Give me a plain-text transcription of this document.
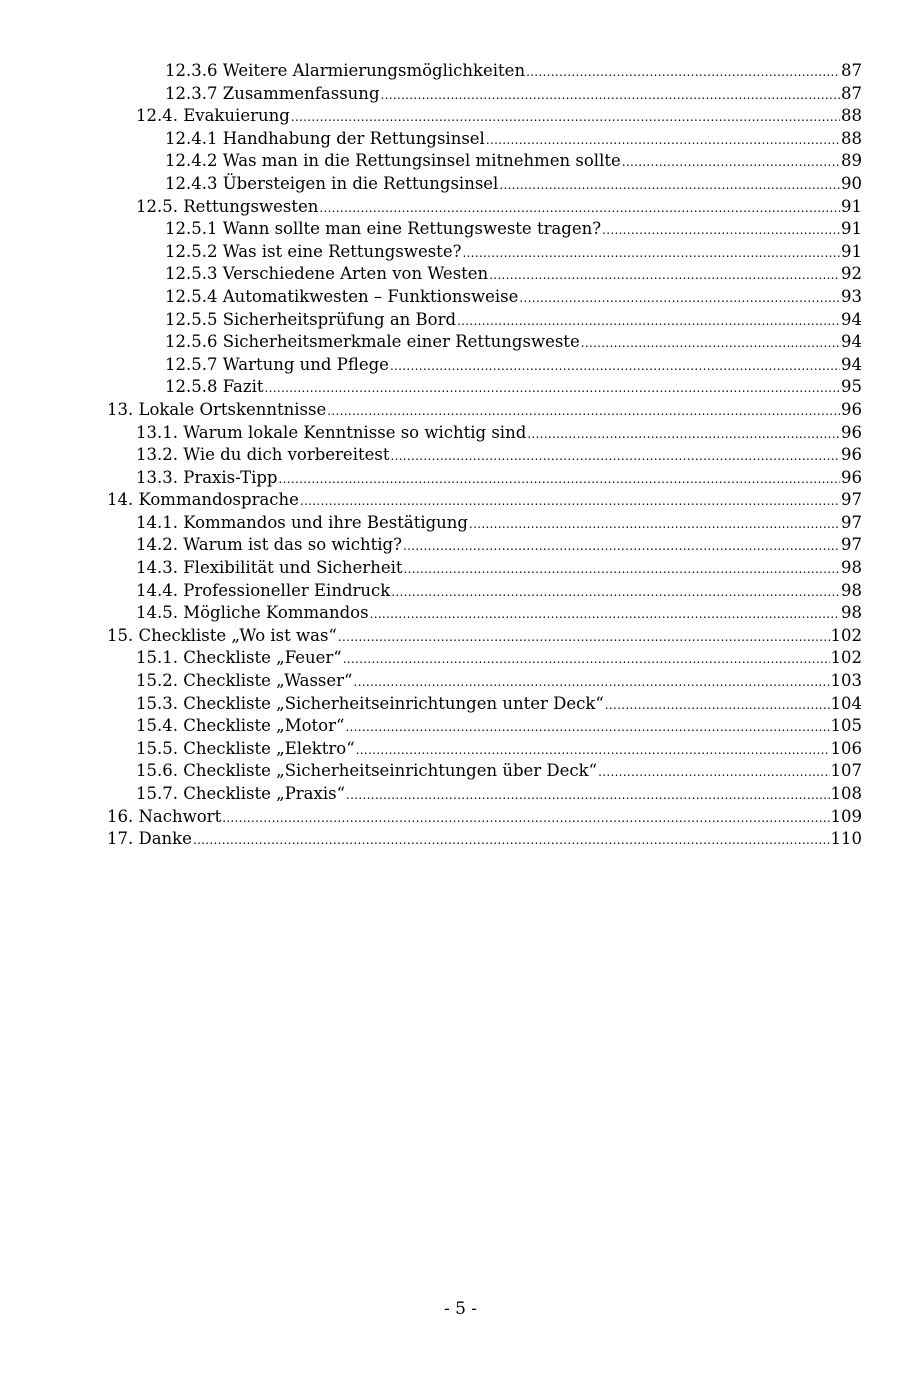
12.3.6 Weitere Alarmierungsmöglichkeiten .....	87
12.3.7 Zusammenfassung .....	87
12.4. Evakuierung .....	88
12.4.1 Handhabung der Rettungsinsel .....	88
12.4.2 Was man in die Rettungsinsel mitnehmen sollte .....	89
12.4.3 Übersteigen in die Rettungsinsel .....	90
12.5. Rettungswesten .....	91
12.5.1 Wann sollte man eine Rettungsweste tragen? .....	91
12.5.2 Was ist eine Rettungsweste? .....	91
12.5.3 Verschiedene Arten von Westen .....	92
12.5.4 Automatikwesten – Funktionsweise .....	93
12.5.5 Sicherheitsprüfung an Bord .....	94
12.5.6 Sicherheitsmerkmale einer Rettungsweste .....	94
12.5.7 Wartung und Pflege .....	94
12.5.8 Fazit .....	95
13. Lokale Ortskenntnisse .....	96
13.1. Warum lokale Kenntnisse so wichtig sind .....	96
13.2. Wie du dich vorbereitest .....	96
13.3. Praxis-Tipp .....	96
14. Kommandosprache .....	97
14.1. Kommandos und ihre Bestätigung .....	97
14.2. Warum ist das so wichtig? .....	97
14.3. Flexibilität und Sicherheit .....	98
14.4. Professioneller Eindruck .....	98
14.5. Mögliche Kommandos .....	98
15. Checkliste „Wo ist was“ .....	102
15.1. Checkliste „Feuer“ .....	102
15.2. Checkliste „Wasser“ .....	103
15.3. Checkliste „Sicherheitseinrichtungen unter Deck“ .....	104
15.4. Checkliste „Motor“ .....	105
15.5. Checkliste „Elektro“ .....	106
15.6. Checkliste „Sicherheitseinrichtungen über Deck“ .....	107
15.7. Checkliste „Praxis“ .....	108
16. Nachwort .....	109
17. Danke .....	110
- 5 -
